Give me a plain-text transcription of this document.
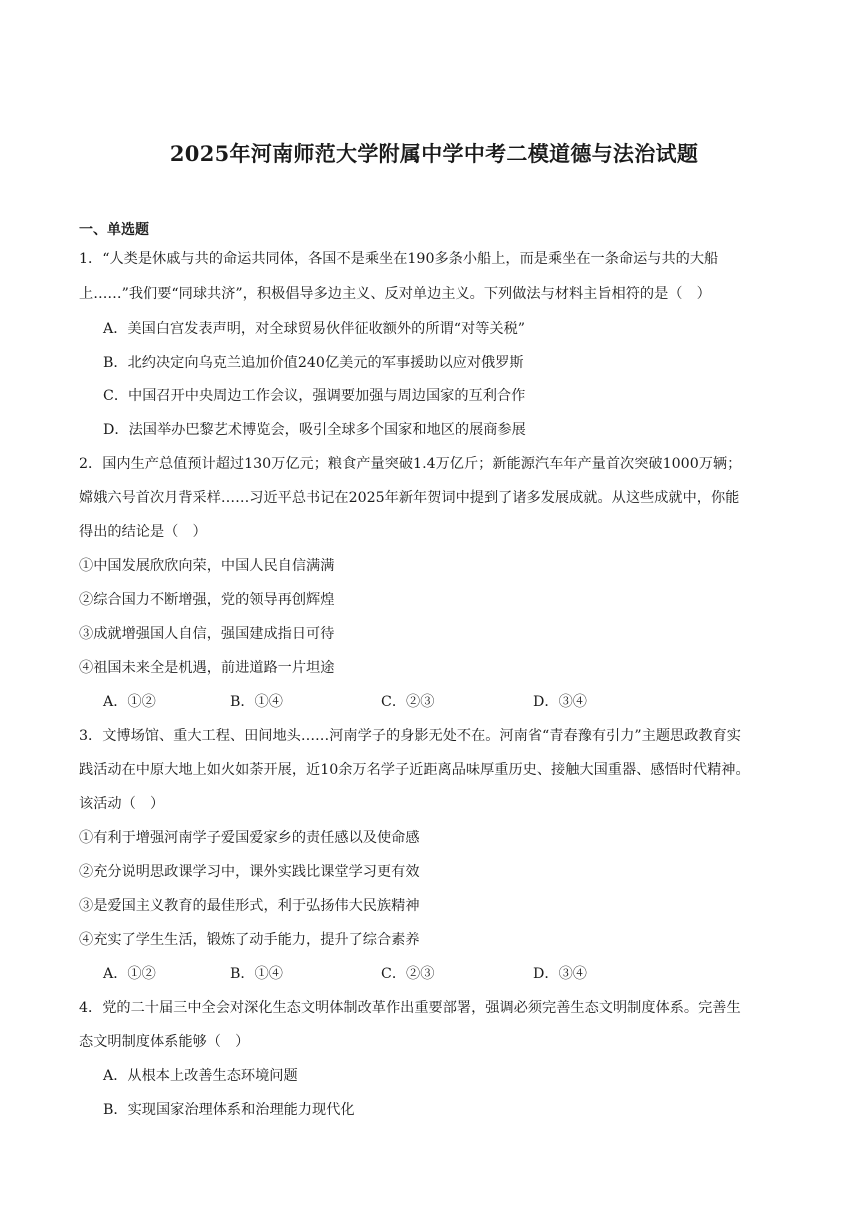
2025年河南师范大学附属中学中考二模道德与法治试题
一、单选题
1．“人类是休戚与共的命运共同体，各国不是乘坐在190多条小船上，而是乘坐在一条命运与共的大船
上……”我们要“同球共济”，积极倡导多边主义、反对单边主义。下列做法与材料主旨相符的是（　）
A．美国白宫发表声明，对全球贸易伙伴征收额外的所谓“对等关税”
B．北约决定向乌克兰追加价值240亿美元的军事援助以应对俄罗斯
C．中国召开中央周边工作会议，强调要加强与周边国家的互利合作
D．法国举办巴黎艺术博览会，吸引全球多个国家和地区的展商参展
2．国内生产总值预计超过130万亿元；粮食产量突破1.4万亿斤；新能源汽车年产量首次突破1000万辆；
嫦娥六号首次月背采样……习近平总书记在2025年新年贺词中提到了诸多发展成就。从这些成就中，你能
得出的结论是（　）
①中国发展欣欣向荣，中国人民自信满满
②综合国力不断增强，党的领导再创辉煌
③成就增强国人自信，强国建成指日可待
④祖国未来全是机遇，前进道路一片坦途
A．①②	B．①④	C．②③	D．③④
3．文博场馆、重大工程、田间地头……河南学子的身影无处不在。河南省“青春豫有引力”主题思政教育实
践活动在中原大地上如火如荼开展，近10余万名学子近距离品味厚重历史、接触大国重器、感悟时代精神。
该活动（　）
①有利于增强河南学子爱国爱家乡的责任感以及使命感
②充分说明思政课学习中，课外实践比课堂学习更有效
③是爱国主义教育的最佳形式，利于弘扬伟大民族精神
④充实了学生生活，锻炼了动手能力，提升了综合素养
A．①②	B．①④	C．②③	D．③④
4．党的二十届三中全会对深化生态文明体制改革作出重要部署，强调必须完善生态文明制度体系。完善生
态文明制度体系能够（　）
A．从根本上改善生态环境问题
B．实现国家治理体系和治理能力现代化
